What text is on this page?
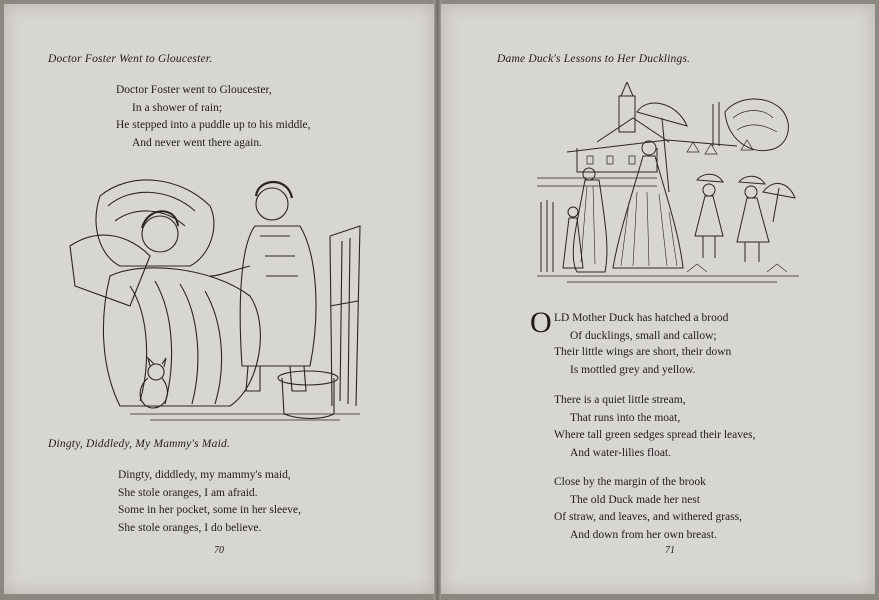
Doctor Foster Went to Gloucester.
Doctor Foster went to Gloucester,
In a shower of rain;
He stepped into a puddle up to his middle,
And never went there again.
Dingty, Diddledy, My Mammy's Maid.
Dingty, diddledy, my mammy's maid,
She stole oranges, I am afraid.
Some in her pocket, some in her sleeve,
She stole oranges, I do believe.
70
Dame Duck's Lessons to Her Ducklings.
O LD Mother Duck has hatched a brood
Of ducklings, small and callow;
Their little wings are short, their down
Is mottled grey and yellow.
There is a quiet little stream,
That runs into the moat,
Where tall green sedges spread their leaves,
And water-lilies float.
Close by the margin of the brook
The old Duck made her nest
Of straw, and leaves, and withered grass,
And down from her own breast.
71
